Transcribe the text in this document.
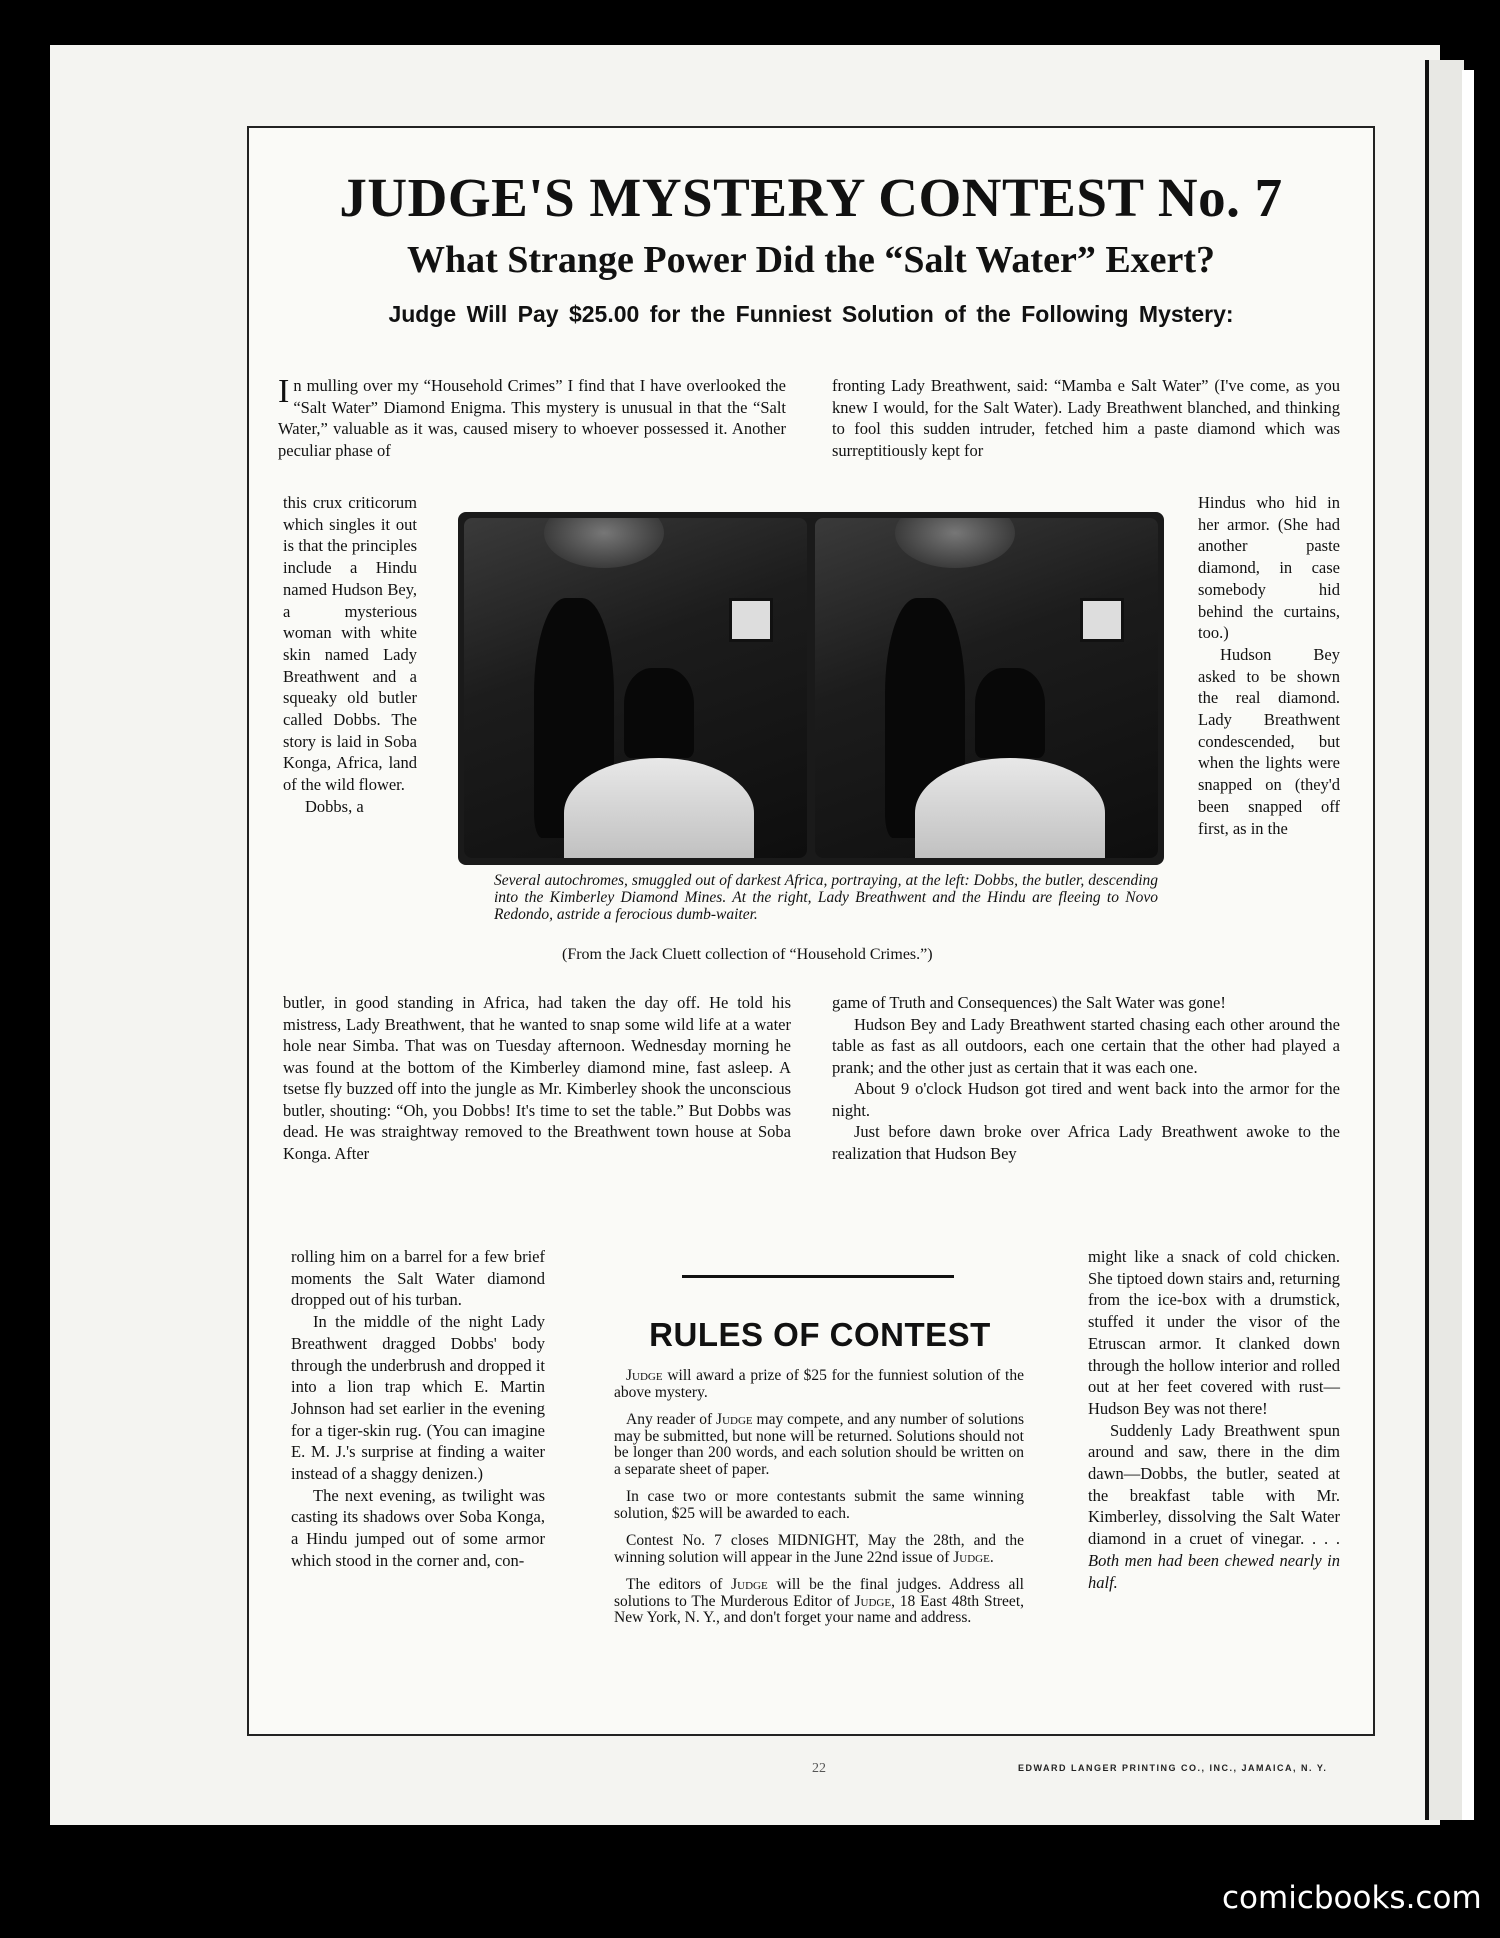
JUDGE'S MYSTERY CONTEST No. 7
What Strange Power Did the “Salt Water” Exert?
Judge Will Pay $25.00 for the Funniest Solution of the Following Mystery:

In mulling over my “Household Crimes” I find that I have overlooked the “Salt Water” Diamond Enigma. This mystery is unusual in that the “Salt Water,” valuable as it was, caused misery to whoever possessed it. Another peculiar phase of

this crux criticorum which singles it out is that the principles include a Hindu named Hudson Bey, a mysterious woman with white skin named Lady Breathwent and a squeaky old butler called Dobbs. The story is laid in Soba Konga, Africa, land of the wild flower.

Dobbs, a

butler, in good standing in Africa, had taken the day off. He told his mistress, Lady Breathwent, that he wanted to snap some wild life at a water hole near Simba. That was on Tuesday afternoon. Wednesday morning he was found at the bottom of the Kimberley diamond mine, fast asleep. A tsetse fly buzzed off into the jungle as Mr. Kimberley shook the unconscious butler, shouting: “Oh, you Dobbs! It's time to set the table.” But Dobbs was dead. He was straightway removed to the Breathwent town house at Soba Konga. After

rolling him on a barrel for a few brief moments the Salt Water diamond dropped out of his turban.

In the middle of the night Lady Breathwent dragged Dobbs' body through the underbrush and dropped it into a lion trap which E. Martin Johnson had set earlier in the evening for a tiger-skin rug. (You can imagine E. M. J.'s surprise at finding a waiter instead of a shaggy denizen.)

The next evening, as twilight was casting its shadows over Soba Konga, a Hindu jumped out of some armor which stood in the corner and, con-

fronting Lady Breathwent, said: “Mamba e Salt Water” (I've come, as you knew I would, for the Salt Water). Lady Breathwent blanched, and thinking to fool this sudden intruder, fetched him a paste diamond which was surreptitiously kept for

Hindus who hid in her armor. (She had another paste diamond, in case somebody hid behind the curtains, too.)

Hudson Bey asked to be shown the real diamond. Lady Breathwent condescended, but when the lights were snapped on (they'd been snapped off first, as in the

game of Truth and Consequences) the Salt Water was gone!

Hudson Bey and Lady Breathwent started chasing each other around the table as fast as all outdoors, each one certain that the other had played a prank; and the other just as certain that it was each one.

About 9 o'clock Hudson got tired and went back into the armor for the night.

Just before dawn broke over Africa Lady Breathwent awoke to the realization that Hudson Bey

might like a snack of cold chicken. She tiptoed down stairs and, returning from the ice-box with a drumstick, stuffed it under the visor of the Etruscan armor. It clanked down through the hollow interior and rolled out at her feet covered with rust—Hudson Bey was not there!

Suddenly Lady Breathwent spun around and saw, there in the dim dawn—Dobbs, the butler, seated at the breakfast table with Mr. Kimberley, dissolving the Salt Water diamond in a cruet of vinegar. . . . Both men had been chewed nearly in half.

Several autochromes, smuggled out of darkest Africa, portraying, at the left: Dobbs, the butler, descending into the Kimberley Diamond Mines. At the right, Lady Breathwent and the Hindu are fleeing to Novo Redondo, astride a ferocious dumb-waiter.
(From the Jack Cluett collection of “Household Crimes.”)
RULES OF CONTEST

Judge will award a prize of $25 for the funniest solution of the above mystery.

Any reader of Judge may compete, and any number of solutions may be submitted, but none will be returned. Solutions should not be longer than 200 words, and each solution should be written on a separate sheet of paper.

In case two or more contestants submit the same winning solution, $25 will be awarded to each.

Contest No. 7 closes MIDNIGHT, May the 28th, and the winning solution will appear in the June 22nd issue of Judge.

The editors of Judge will be the final judges. Address all solutions to The Murderous Editor of Judge, 18 East 48th Street, New York, N. Y., and don't forget your name and address.

22	EDWARD LANGER PRINTING CO., INC., JAMAICA, N. Y.
comicbooks.com
